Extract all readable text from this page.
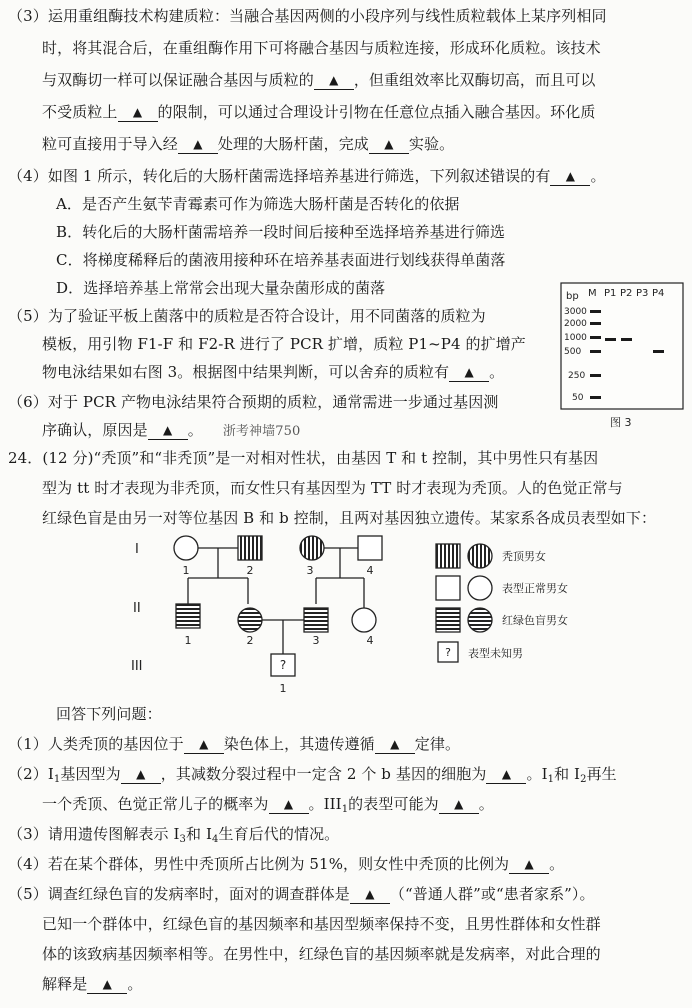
（3）运用重组酶技术构建质粒：当融合基因两侧的小段序列与线性质粒载体上某序列相同
时，将其混合后，在重组酶作用下可将融合基因与质粒连接，形成环化质粒。该技术
与双酶切一样可以保证融合基因与质粒的 ▲ ，但重组效率比双酶切高，而且可以
不受质粒上 ▲ 的限制，可以通过合理设计引物在任意位点插入融合基因。环化质
粒可直接用于导入经 ▲ 处理的大肠杆菌，完成 ▲ 实验。
（4）如图 1 所示，转化后的大肠杆菌需选择培养基进行筛选，下列叙述错误的有 ▲ 。
A．是否产生氨苄青霉素可作为筛选大肠杆菌是否转化的依据
B．转化后的大肠杆菌需培养一段时间后接种至选择培养基进行筛选
C．将梯度稀释后的菌液用接种环在培养基表面进行划线获得单菌落
D．选择培养基上常常会出现大量杂菌形成的菌落
（5）为了验证平板上菌落中的质粒是否符合设计，用不同菌落的质粒为
模板，用引物 F1-F 和 F2-R 进行了 PCR 扩增，质粒 P1~P4 的扩增产
物电泳结果如右图 3。根据图中结果判断，可以舍弃的质粒有 ▲ 。
（6）对于 PCR 产物电泳结果符合预期的质粒，通常需进一步通过基因测
序确认，原因是 ▲ 。 浙考神墙750
bp M P1 P2 P3 P4
3000
2000
1000
500
250
50
图 3
24．(12 分)“秃顶”和“非秃顶”是一对相对性状，由基因 T 和 t 控制，其中男性只有基因
型为 tt 时才表现为非秃顶，而女性只有基因型为 TT 时才表现为秃顶。人的色觉正常与
红绿色盲是由另一对等位基因 B 和 b 控制，且两对基因独立遗传。某家系各成员表型如下：
?
I
II
III
1	2	3	4
1	2	3	4
1
秃顶男女
表型正常男女
红绿色盲男女
? 表型未知男
回答下列问题：
（1）人类秃顶的基因位于 ▲ 染色体上，其遗传遵循 ▲ 定律。
$(2)I_1$基因型为 ▲ ，其减数分裂过程中一定含 2 个 b 基因的细胞为 ▲ 。$I_1$和 $I_2$再生
一个秃顶、色觉正常儿子的概率为 ▲ 。$III_1$的表型可能为 ▲ 。
（3）请用遗传图解表示 $I_3$和 $I_4$生育后代的情况。
（4）若在某个群体，男性中秃顶所占比例为 51%，则女性中秃顶的比例为 ▲ 。
（5）调查红绿色盲的发病率时，面对的调查群体是 ▲ （“普通人群”或“患者家系”）。
已知一个群体中，红绿色盲的基因频率和基因型频率保持不变，且男性群体和女性群
体的该致病基因频率相等。在男性中，红绿色盲的基因频率就是发病率，对此合理的
解释是 ▲ 。
